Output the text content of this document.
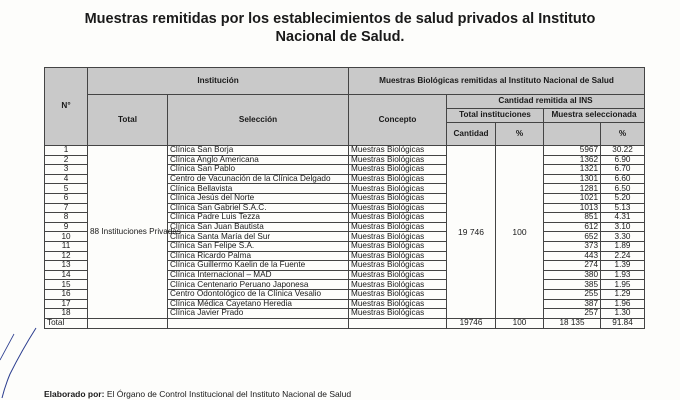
Muestras remitidas por los establecimientos de salud privados al Instituto
Nacional de Salud.
N°	Institución		Muestras Biológicas remitidas al Instituto Nacional de Salud				
	Total	Selección	Concepto	Cantidad remitida al INS			
				Total instituciones		Muestra seleccionada	
				Cantidad	%		%
1	88 Instituciones Privadas	Clínica San Borja	Muestras Biológicas	19 746	100	5967	30.22
2		Clínica Anglo Americana	Muestras Biológicas			1362	6.90
3		Clínica San Pablo	Muestras Biológicas			1321	6.70
4		Centro de Vacunación de la Clínica Delgado	Muestras Biológicas			1301	6.60
5		Clínica Bellavista	Muestras Biológicas			1281	6.50
6		Clínica Jesús del Norte	Muestras Biológicas			1021	5.20
7		Clínica San Gabriel S.A.C.	Muestras Biológicas			1013	5.13
8		Clínica Padre Luis Tezza	Muestras Biológicas			851	4.31
9		Clínica San Juan Bautista	Muestras Biológicas			612	3.10
10		Clínica Santa María del Sur	Muestras Biológicas			652	3.30
11		Clínica San Felipe S.A.	Muestras Biológicas			373	1.89
12		Clínica Ricardo Palma	Muestras Biológicas			443	2.24
13		Clínica Guillermo Kaelin de la Fuente	Muestras Biológicas			274	1.39
14		Clínica Internacional – MAD	Muestras Biológicas			380	1.93
15		Clínica Centenario Peruano Japonesa	Muestras Biológicas			385	1.95
16		Centro Odontológico de la Clínica Vesalio	Muestras Biológicas			255	1.29
17		Clínica Médica Cayetano Heredia	Muestras Biológicas			387	1.96
18		Clínica Javier Prado	Muestras Biológicas			257	1.30
Total				19746	100	18 135	91.84
Elaborado por: El Órgano de Control Institucional del Instituto Nacional de Salud
